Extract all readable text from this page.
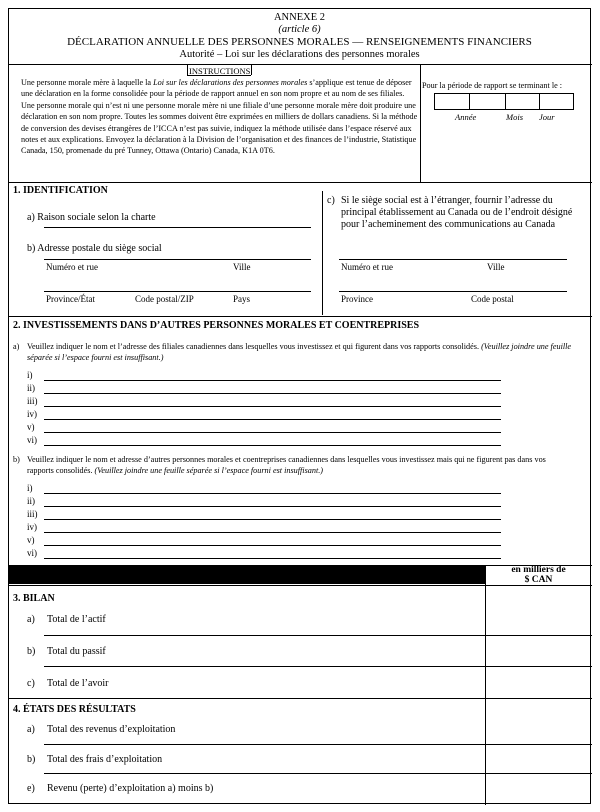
ANNEXE 2
(article 6)
DÉCLARATION ANNUELLE DES PERSONNES MORALES — RENSEIGNEMENTS FINANCIERS
Autorité – Loi sur les déclarations des personnes morales
INSTRUCTIONS
Une personne morale mère à laquelle la Loi sur les déclarations des personnes morales s’applique est tenue de déposer une déclaration en la forme consolidée pour la période de rapport annuel en son nom propre et au nom de ses filiales. Une personne morale qui n’est ni une personne morale mère ni une filiale d’une personne morale mère doit produire une déclaration en son nom propre. Toutes les sommes doivent être exprimées en milliers de dollars canadiens. Si la méthode de conversion des devises étrangères de l’ICCA n’est pas suivie, indiquez la méthode utilisée dans l’espace réservé aux notes et aux explications. Envoyez la déclaration à la Division de l’organisation et des finances de l’industrie, Statistique Canada, 150, promenade du pré Tunney, Ottawa (Ontario) Canada, K1A 0T6.
Pour la période de rapport se terminant le :
Année	Mois Jour
1. IDENTIFICATION
a) Raison sociale selon la charte
b) Adresse postale du siège social
Numéro et rue	Ville
Province/État	Code postal/ZIP	Pays
c) Si le siège social est à l’étranger, fournir l’adresse du principal établissement au Canada ou de l’endroit désigné pour l’acheminement des communications au Canada
Numéro et rue	Ville
Province	Code postal
2. INVESTISSEMENTS DANS D’AUTRES PERSONNES MORALES ET COENTREPRISES
a) Veuillez indiquer le nom et l’adresse des filiales canadiennes dans lesquelles vous investissez et qui figurent dans vos rapports consolidés. (Veuillez joindre une feuille séparée si l’espace fourni est insuffisant.)
i)
ii)
iii)
iv)
v)
vi)
b) Veuillez indiquer le nom et adresse d’autres personnes morales et coentreprises canadiennes dans lesquelles vous investissez mais qui ne figurent pas dans vos rapports consolidés. (Veuillez joindre une feuille séparée si l’espace fourni est insuffisant.)
i)
ii)
iii)
iv)
v)
vi)
en milliers de
$ CAN
3. BILAN
a) Total de l’actif
b) Total du passif
c) Total de l’avoir
4. ÉTATS DES RÉSULTATS
a) Total des revenus d’exploitation
b) Total des frais d’exploitation
e) Revenu (perte) d’exploitation a) moins b)
